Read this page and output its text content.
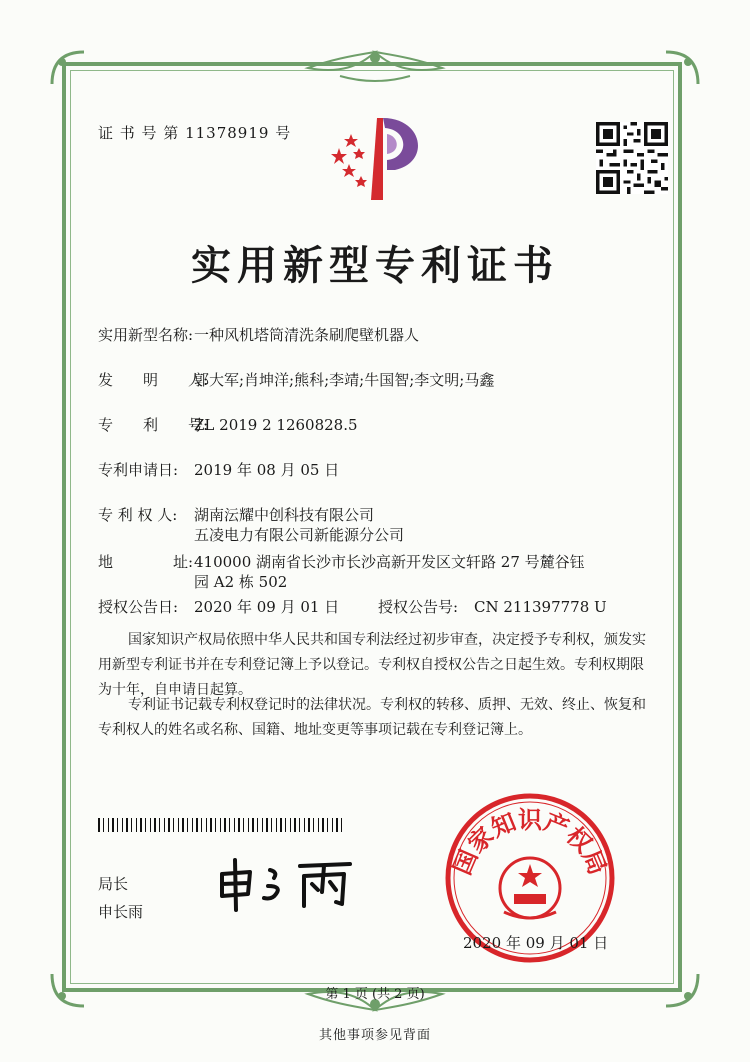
证 书 号 第 11378919 号
实用新型专利证书
实用新型名称:一种风机塔筒清洗条刷爬壁机器人
发　　明　　人:郭大军;肖坤洋;熊科;李靖;牛国智;李文明;马鑫
专　　利　　号:ZL 2019 2 1260828.5
专利申请日: 2019 年 08 月 05 日
专 利 权 人: 湖南沄耀中创科技有限公司
五凌电力有限公司新能源分公司
地　　　　址:410000 湖南省长沙市长沙高新开发区文轩路 27 号麓谷钰
园 A2 栋 502
授权公告日: 2020 年 09 月 01 日	授权公告号: CN 211397778 U
国家知识产权局依照中华人民共和国专利法经过初步审查，决定授予专利权，颁发实用新型专利证书并在专利登记簿上予以登记。专利权自授权公告之日起生效。专利权期限为十年，自申请日起算。
专利证书记载专利权登记时的法律状况。专利权的转移、质押、无效、终止、恢复和专利权人的姓名或名称、国籍、地址变更等事项记载在专利登记簿上。
局长
申长雨
国家知识产权局
2020 年 09 月 01 日
第 1 页 (共 2 页)
其他事项参见背面
